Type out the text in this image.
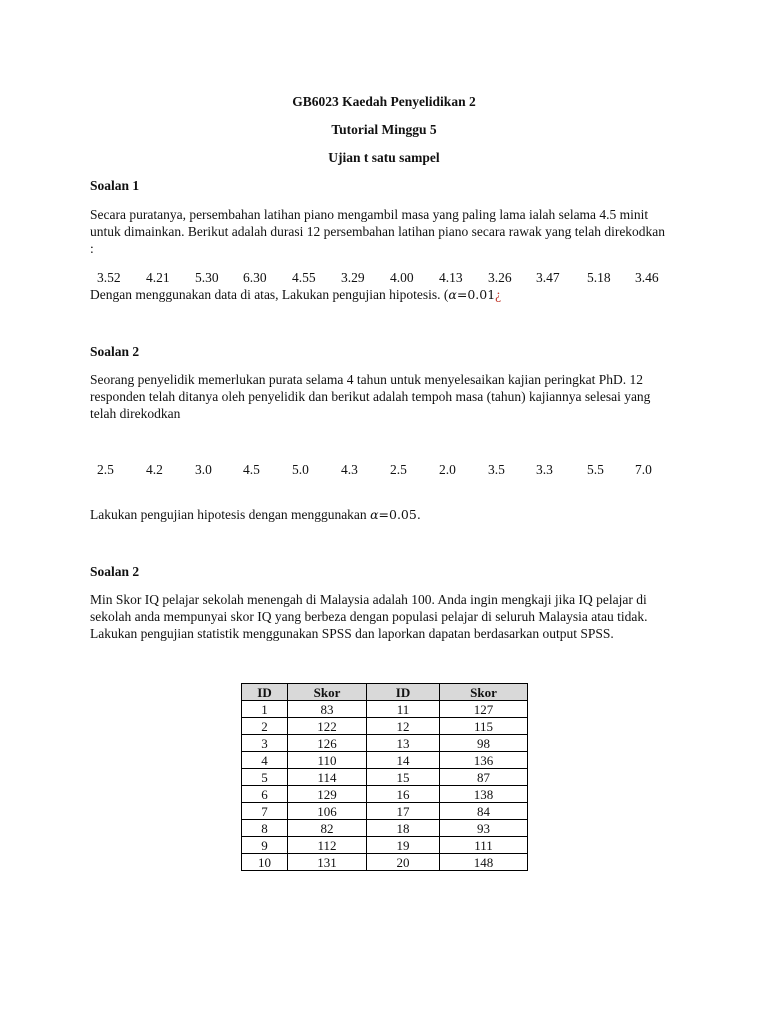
GB6023 Kaedah Penyelidikan 2
Tutorial Minggu 5
Ujian t satu sampel
Soalan 1
Secara puratanya, persembahan latihan piano mengambil masa yang paling lama ialah selama 4.5 minit untuk dimainkan. Berikut adalah durasi 12 persembahan latihan piano secara rawak yang telah direkodkan :
3.52 4.21 5.30 6.30 4.55 3.29 4.00 4.13 3.26 3.47 5.18 3.46
Dengan menggunakan data di atas, Lakukan pengujian hipotesis. (α=0.01¿
Soalan 2
Seorang penyelidik memerlukan purata selama 4 tahun untuk menyelesaikan kajian peringkat PhD. 12 responden telah ditanya oleh penyelidik dan berikut adalah tempoh masa (tahun) kajiannya selesai yang telah direkodkan
2.5 4.2 3.0 4.5 5.0 4.3 2.5 2.0 3.5 3.3	5.5 7.0
Lakukan pengujian hipotesis dengan menggunakan α=0.05.
Soalan 2
Min Skor IQ pelajar sekolah menengah di Malaysia adalah 100. Anda ingin mengkaji jika IQ pelajar di sekolah anda mempunyai skor IQ yang berbeza dengan populasi pelajar di seluruh Malaysia atau tidak. Lakukan pengujian statistik menggunakan SPSS dan laporkan dapatan berdasarkan output SPSS.
ID	Skor	ID	Skor
1	83	11	127
2	122	12	115
3	126	13	98
4	110	14	136
5	114	15	87
6	129	16	138
7	106	17	84
8	82	18	93
9	112	19	111
10	131	20	148
